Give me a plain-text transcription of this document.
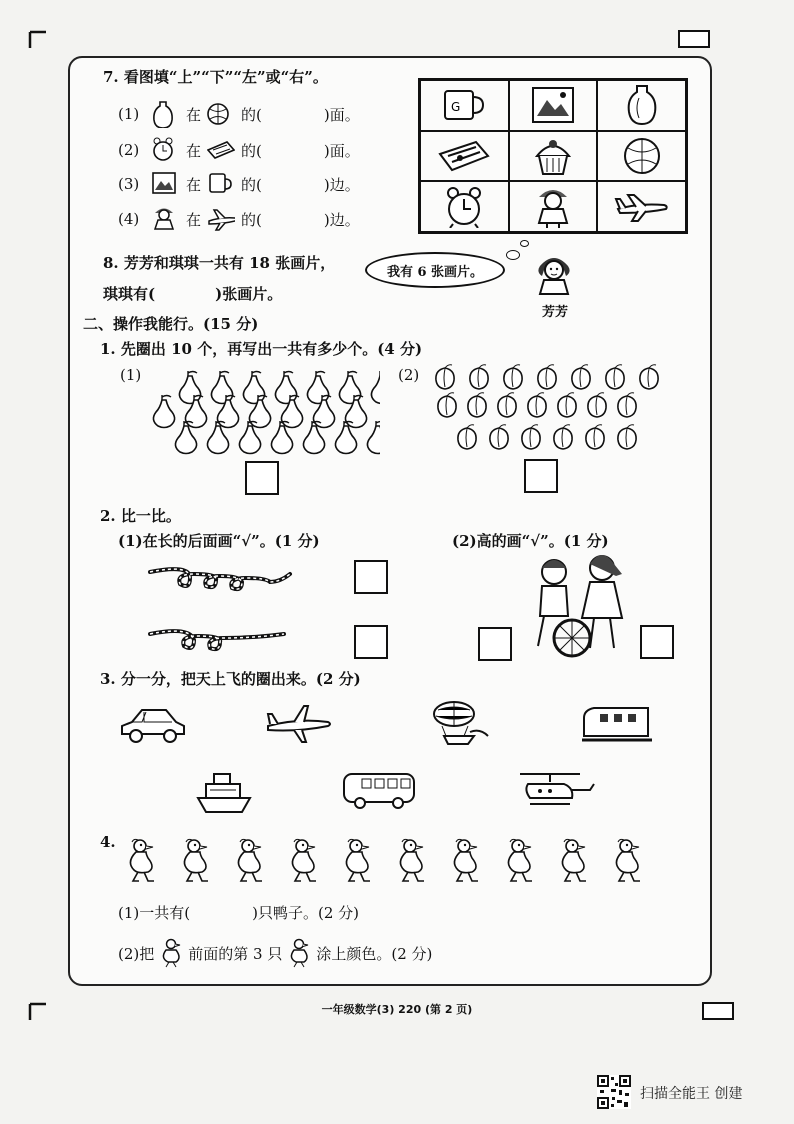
7. 看图填“上”“下”“左”或“右”。
(1)	在	的(	)面。
(2)	在	的(	)面。
(3)	在	的(	)边。
(4)	在	的(	)边。
G
8. 芳芳和琪琪一共有 18 张画片，
琪琪有(	)张画片。
我有 6 张画片。
芳芳
二、操作我能行。(15 分)
1. 先圈出 10 个，再写出一共有多少个。(4 分)
(1)	(2)
2. 比一比。
(1)在长的后面画“√”。(1 分)	(2)高的画“√”。(1 分)
3. 分一分，把天上飞的圈出来。(2 分)
4.
(1)一共有(	)只鸭子。(2 分)
(2)把 前面的第 3 只 涂上颜色。(2 分)
一年级数学(3) 220 (第 2 页)
扫描全能王 创建
